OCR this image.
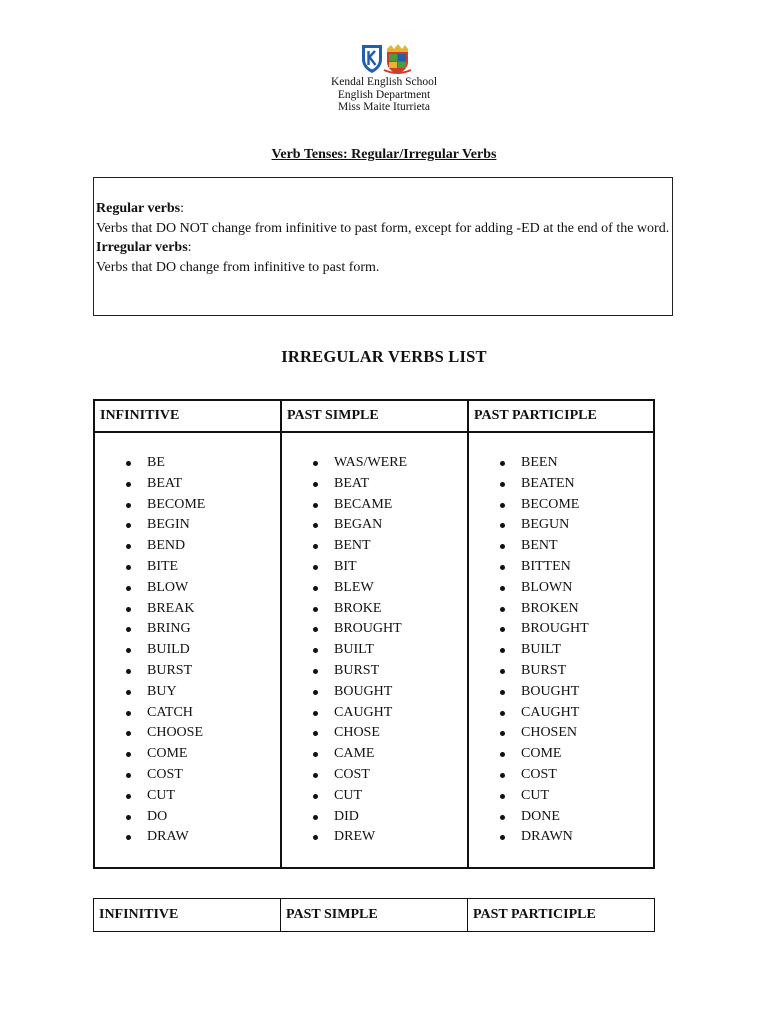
Kendal English School
English Department
Miss Maite Iturrieta
Verb Tenses: Regular/Irregular Verbs

Regular verbs:

Verbs that DO NOT change from infinitive to past form, except for adding -ED at the end of the word.

Irregular verbs:

Verbs that DO change from infinitive to past form.

IRREGULAR VERBS LIST
INFINITIVE
BE
BEAT
BECOME
BEGIN
BEND
BITE
BLOW
BREAK
BRING
BUILD
BURST
BUY
CATCH
CHOOSE
COME
COST
CUT
DO
DRAW
PAST SIMPLE
WAS/WERE
BEAT
BECAME
BEGAN
BENT
BIT
BLEW
BROKE
BROUGHT
BUILT
BURST
BOUGHT
CAUGHT
CHOSE
CAME
COST
CUT
DID
DREW
PAST PARTICIPLE
BEEN
BEATEN
BECOME
BEGUN
BENT
BITTEN
BLOWN
BROKEN
BROUGHT
BUILT
BURST
BOUGHT
CAUGHT
CHOSEN
COME
COST
CUT
DONE
DRAWN
INFINITIVE	PAST SIMPLE	PAST PARTICIPLE
